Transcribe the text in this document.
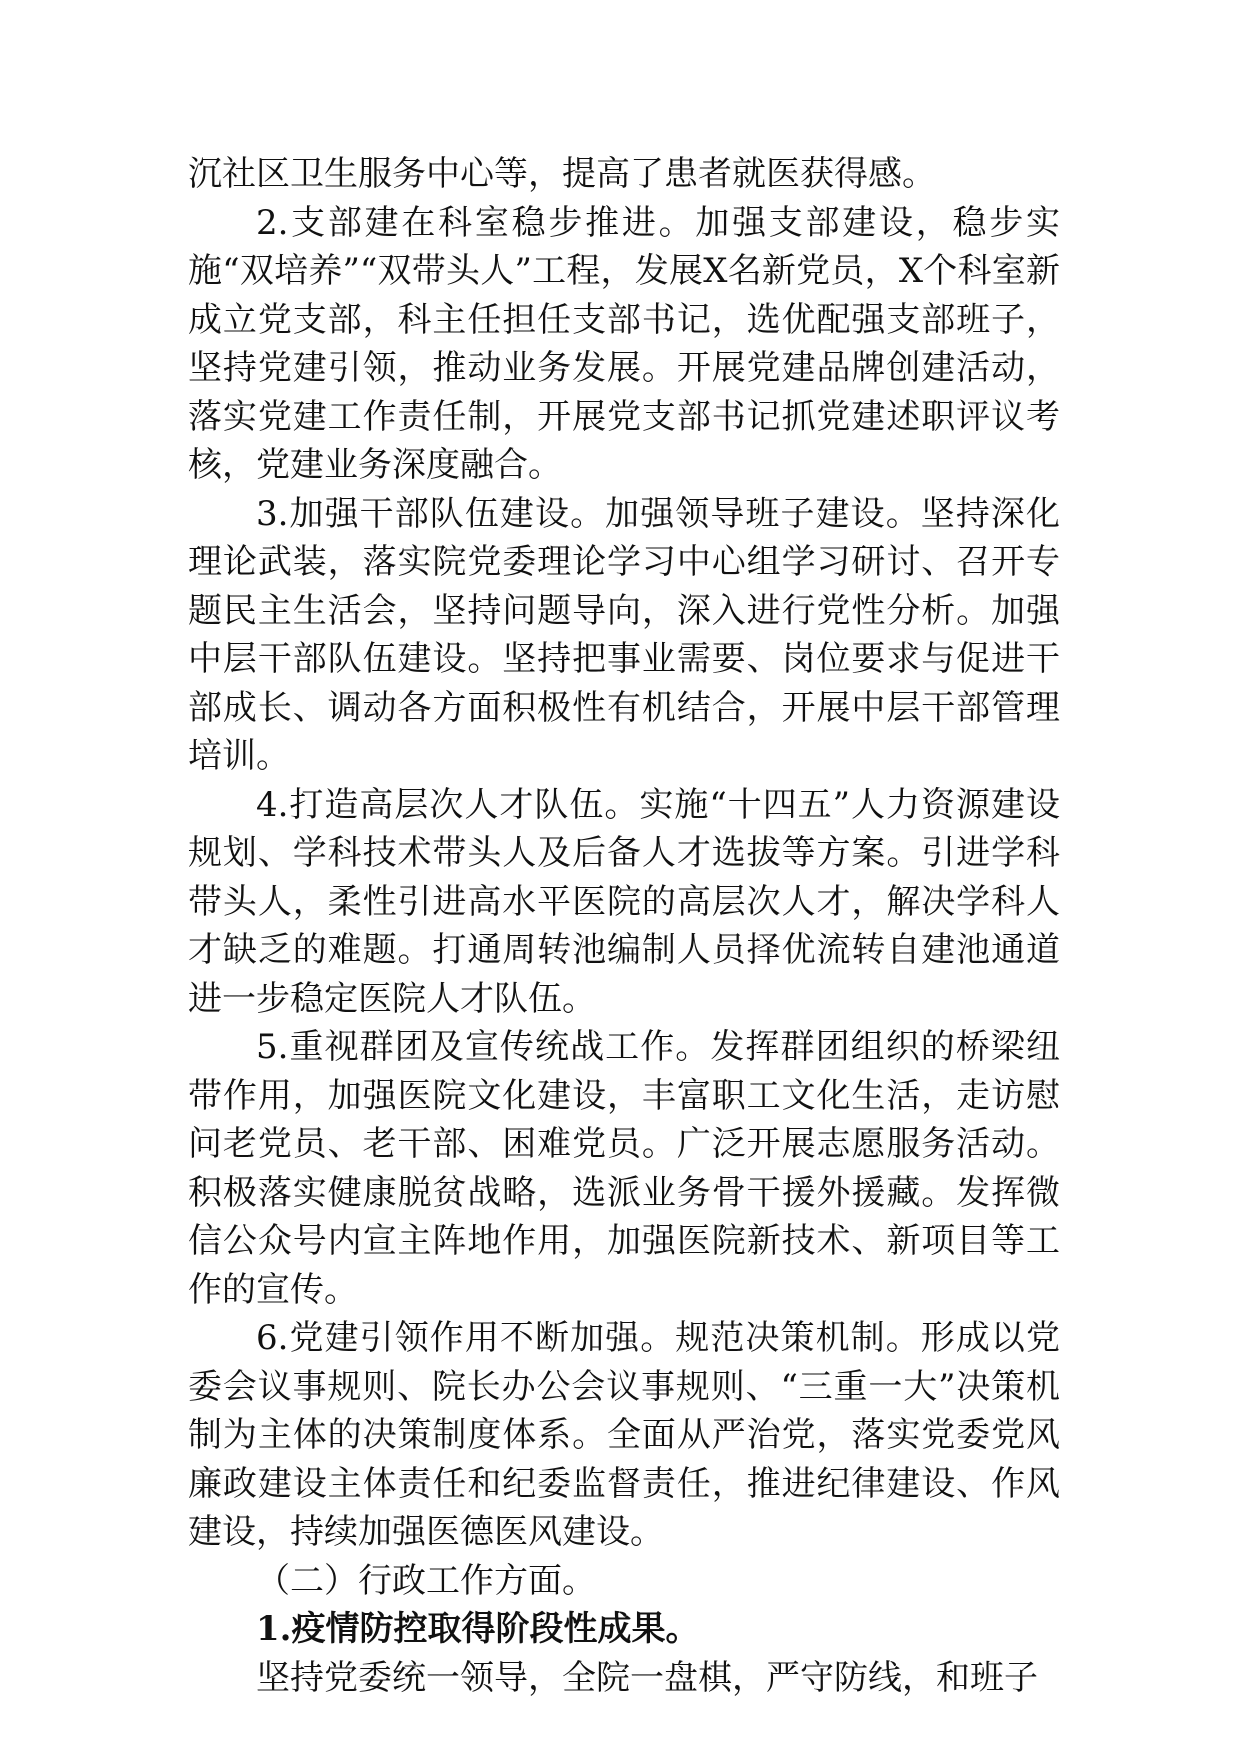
沉社区卫生服务中心等，提高了患者就医获得感。

2.支部建在科室稳步推进。加强支部建设，稳步实施“双培养”“双带头人”工程，发展X名新党员，X个科室新成立党支部，科主任担任支部书记，选优配强支部班子，坚持党建引领，推动业务发展。开展党建品牌创建活动，落实党建工作责任制，开展党支部书记抓党建述职评议考核，党建业务深度融合。

3.加强干部队伍建设。加强领导班子建设。坚持深化理论武装，落实院党委理论学习中心组学习研讨、召开专题民主生活会，坚持问题导向，深入进行党性分析。加强中层干部队伍建设。坚持把事业需要、岗位要求与促进干部成长、调动各方面积极性有机结合，开展中层干部管理培训。

4.打造高层次人才队伍。实施“十四五”人力资源建设规划、学科技术带头人及后备人才选拔等方案。引进学科带头人，柔性引进高水平医院的高层次人才，解决学科人才缺乏的难题。打通周转池编制人员择优流转自建池通道进一步稳定医院人才队伍。

5.重视群团及宣传统战工作。发挥群团组织的桥梁纽带作用，加强医院文化建设，丰富职工文化生活，走访慰问老党员、老干部、困难党员。广泛开展志愿服务活动。积极落实健康脱贫战略，选派业务骨干援外援藏。发挥微信公众号内宣主阵地作用，加强医院新技术、新项目等工作的宣传。

6.党建引领作用不断加强。规范决策机制。形成以党委会议事规则、院长办公会议事规则、“三重一大”决策机制为主体的决策制度体系。全面从严治党，落实党委党风廉政建设主体责任和纪委监督责任，推进纪律建设、作风建设，持续加强医德医风建设。

（二）行政工作方面。

1.疫情防控取得阶段性成果。

坚持党委统一领导，全院一盘棋，严守防线，和班子
